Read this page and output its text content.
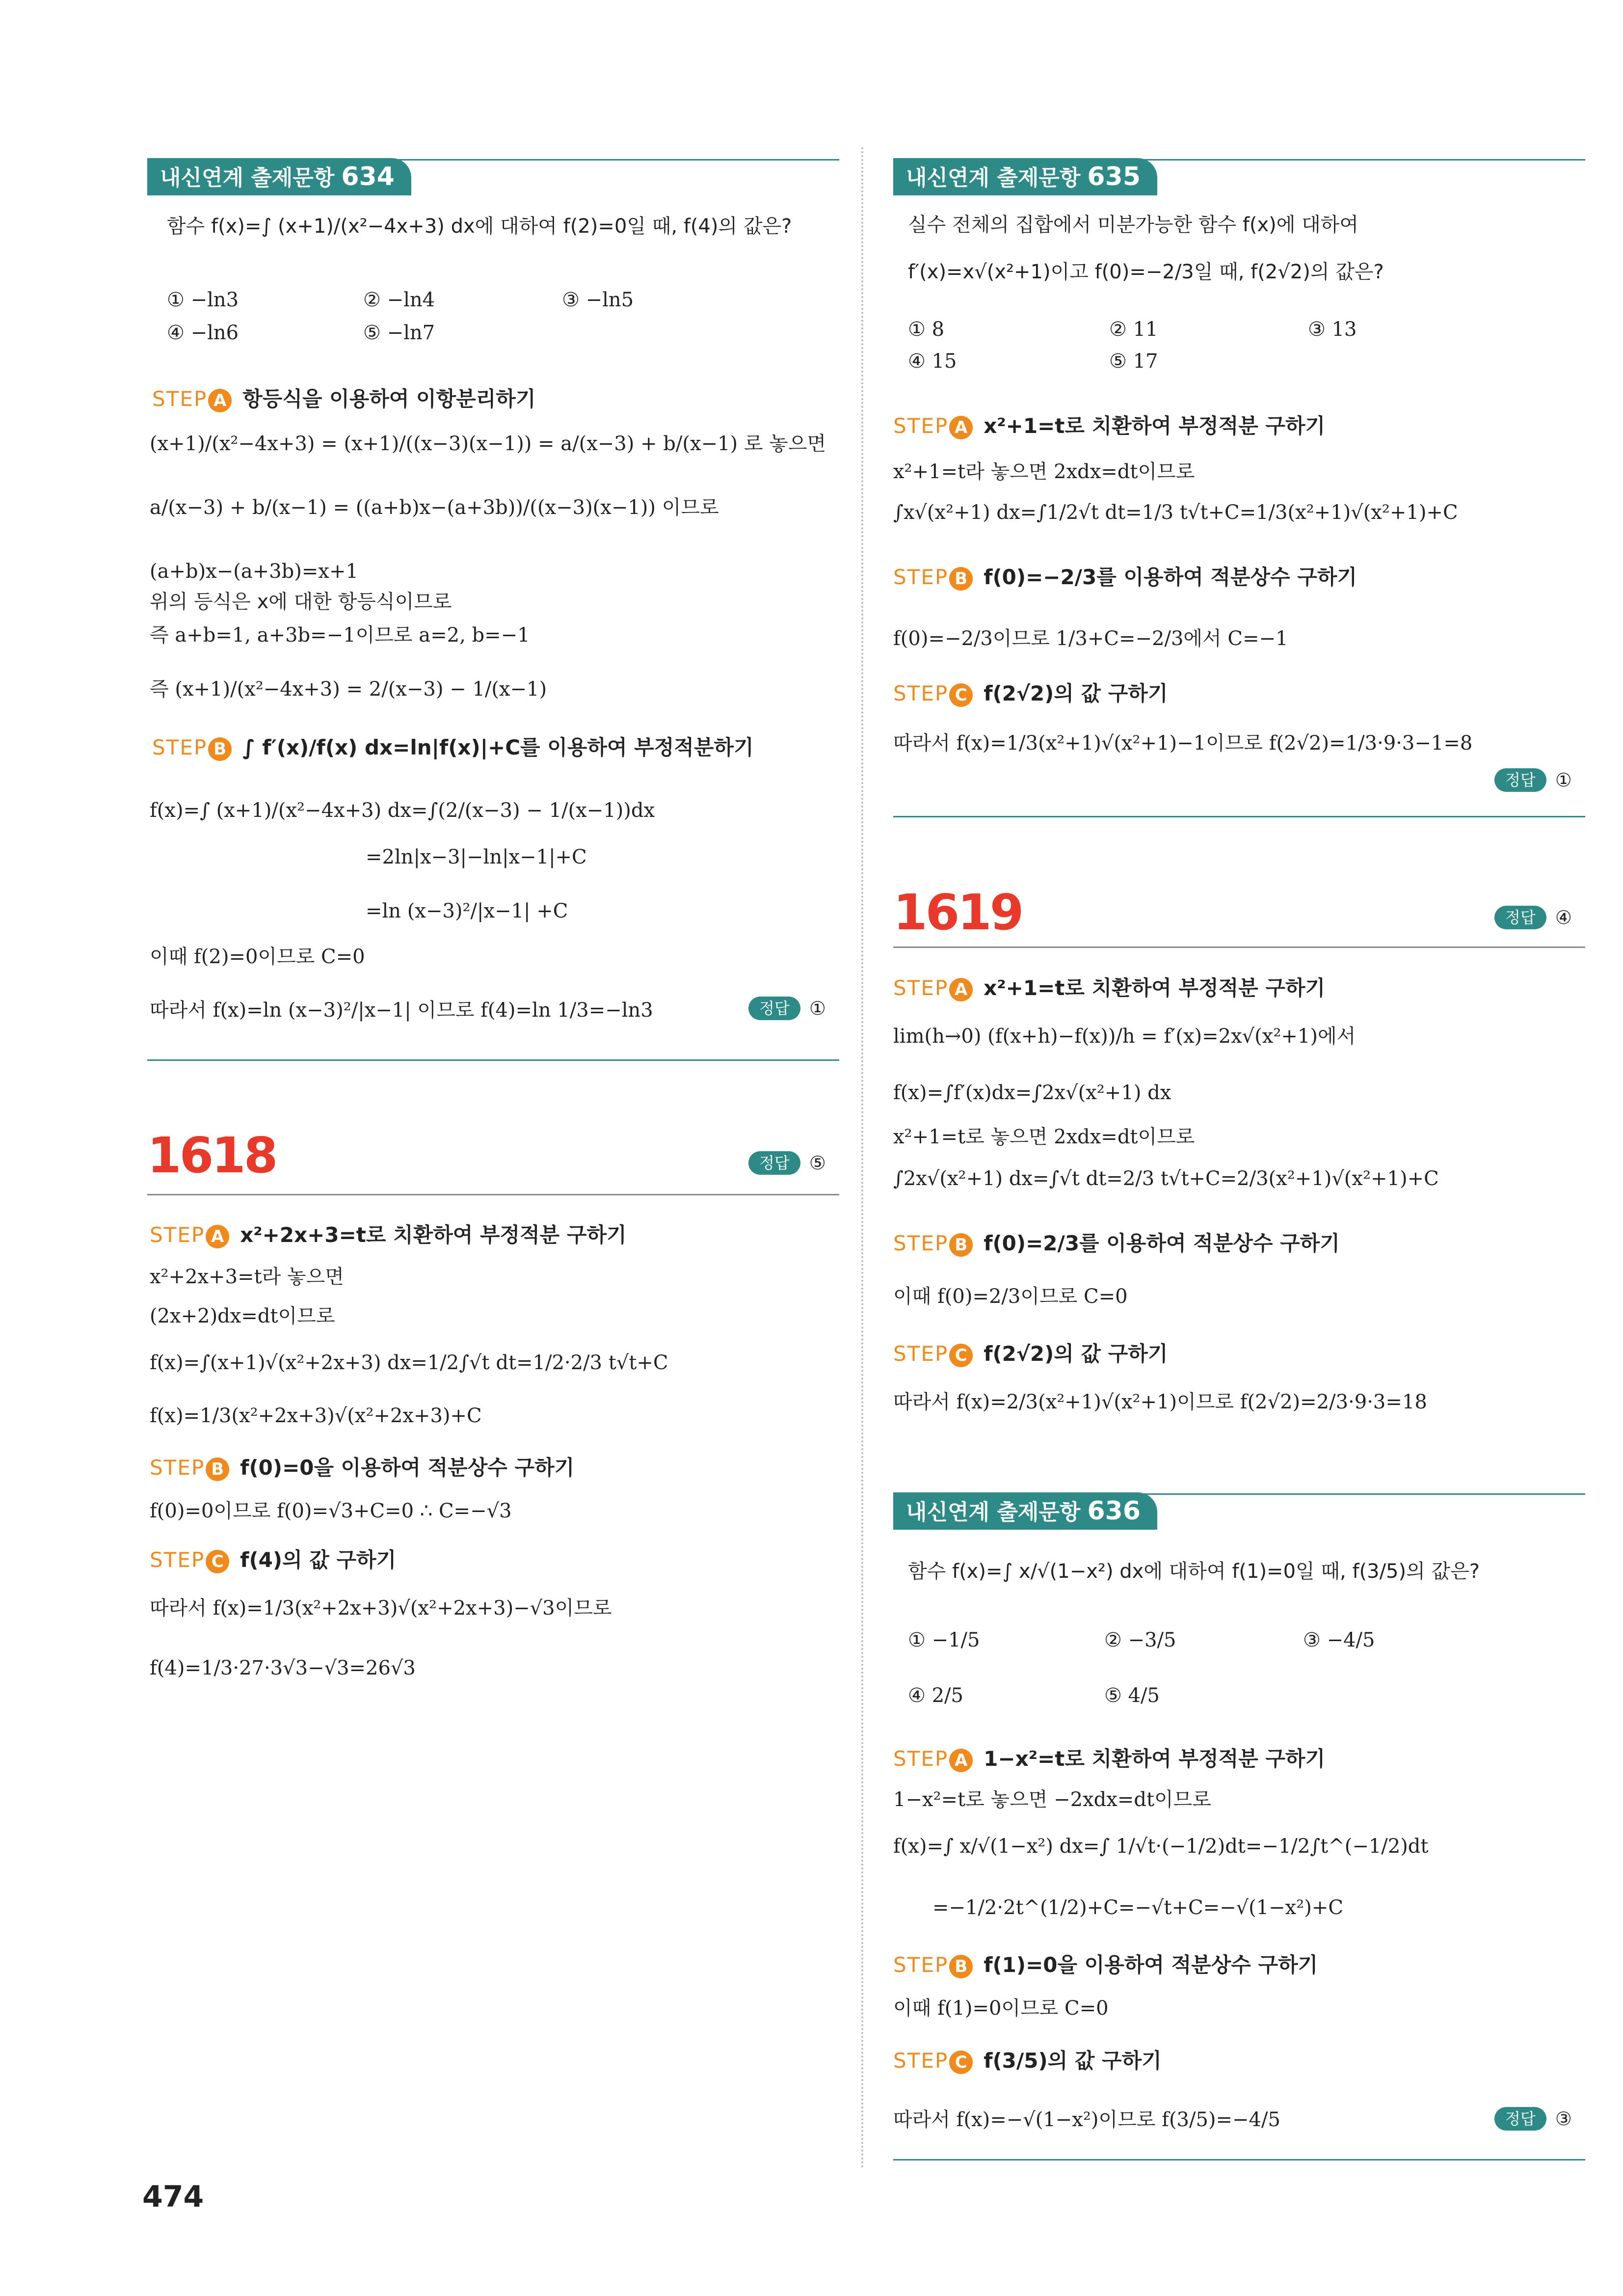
내신연계 출제문항 634
함수 f(x)=∫ (x+1)/(x²−4x+3) dx에 대하여 f(2)=0일 때, f(4)의 값은?
① −ln3	② −ln4	③ −ln5
④ −ln6	⑤ −ln7
STEP A 항등식을 이용하여 이항분리하기
(x+1)/(x²−4x+3) = (x+1)/((x−3)(x−1)) = a/(x−3) + b/(x−1) 로 놓으면
a/(x−3) + b/(x−1) = ((a+b)x−(a+3b))/((x−3)(x−1)) 이므로
(a+b)x−(a+3b)=x+1
위의 등식은 x에 대한 항등식이므로
즉 a+b=1, a+3b=−1이므로 a=2, b=−1
즉 (x+1)/(x²−4x+3) = 2/(x−3) − 1/(x−1)
STEP B ∫ f′(x)/f(x) dx=ln|f(x)|+C를 이용하여 부정적분하기
f(x)=∫ (x+1)/(x²−4x+3) dx=∫(2/(x−3) − 1/(x−1))dx
=2ln|x−3|−ln|x−1|+C
=ln (x−3)²/|x−1| +C
이때 f(2)=0이므로 C=0
따라서 f(x)=ln (x−3)²/|x−1| 이므로 f(4)=ln 1/3=−ln3	정답 ①
1618	정답 ⑤
STEP A x²+2x+3=t로 치환하여 부정적분 구하기
x²+2x+3=t라 놓으면
(2x+2)dx=dt이므로
f(x)=∫(x+1)√(x²+2x+3) dx=1/2∫√t dt=1/2·2/3 t√t+C
f(x)=1/3(x²+2x+3)√(x²+2x+3)+C
STEP B f(0)=0을 이용하여 적분상수 구하기
f(0)=0이므로 f(0)=√3+C=0 ∴ C=−√3
STEP C f(4)의 값 구하기
따라서 f(x)=1/3(x²+2x+3)√(x²+2x+3)−√3이므로
f(4)=1/3·27·3√3−√3=26√3
내신연계 출제문항 635
실수 전체의 집합에서 미분가능한 함수 f(x)에 대하여
f′(x)=x√(x²+1)이고 f(0)=−2/3일 때, f(2√2)의 값은?
① 8	② 11	③ 13
④ 15	⑤ 17
STEP A x²+1=t로 치환하여 부정적분 구하기
x²+1=t라 놓으면 2xdx=dt이므로
∫x√(x²+1) dx=∫1/2√t dt=1/3 t√t+C=1/3(x²+1)√(x²+1)+C
STEP B f(0)=−2/3를 이용하여 적분상수 구하기
f(0)=−2/3이므로 1/3+C=−2/3에서 C=−1
STEP C f(2√2)의 값 구하기
따라서 f(x)=1/3(x²+1)√(x²+1)−1이므로 f(2√2)=1/3·9·3−1=8
정답 ①
1619	정답 ④
STEP A x²+1=t로 치환하여 부정적분 구하기
lim(h→0) (f(x+h)−f(x))/h = f′(x)=2x√(x²+1)에서
f(x)=∫f′(x)dx=∫2x√(x²+1) dx
x²+1=t로 놓으면 2xdx=dt이므로
∫2x√(x²+1) dx=∫√t dt=2/3 t√t+C=2/3(x²+1)√(x²+1)+C
STEP B f(0)=2/3를 이용하여 적분상수 구하기
이때 f(0)=2/3이므로 C=0
STEP C f(2√2)의 값 구하기
따라서 f(x)=2/3(x²+1)√(x²+1)이므로 f(2√2)=2/3·9·3=18
내신연계 출제문항 636
함수 f(x)=∫ x/√(1−x²) dx에 대하여 f(1)=0일 때, f(3/5)의 값은?
① −1/5	② −3/5	③ −4/5
④ 2/5	⑤ 4/5
STEP A 1−x²=t로 치환하여 부정적분 구하기
1−x²=t로 놓으면 −2xdx=dt이므로
f(x)=∫ x/√(1−x²) dx=∫ 1/√t·(−1/2)dt=−1/2∫t^(−1/2)dt
=−1/2·2t^(1/2)+C=−√t+C=−√(1−x²)+C
STEP B f(1)=0을 이용하여 적분상수 구하기
이때 f(1)=0이므로 C=0
STEP C f(3/5)의 값 구하기
따라서 f(x)=−√(1−x²)이므로 f(3/5)=−4/5	정답 ③
474
